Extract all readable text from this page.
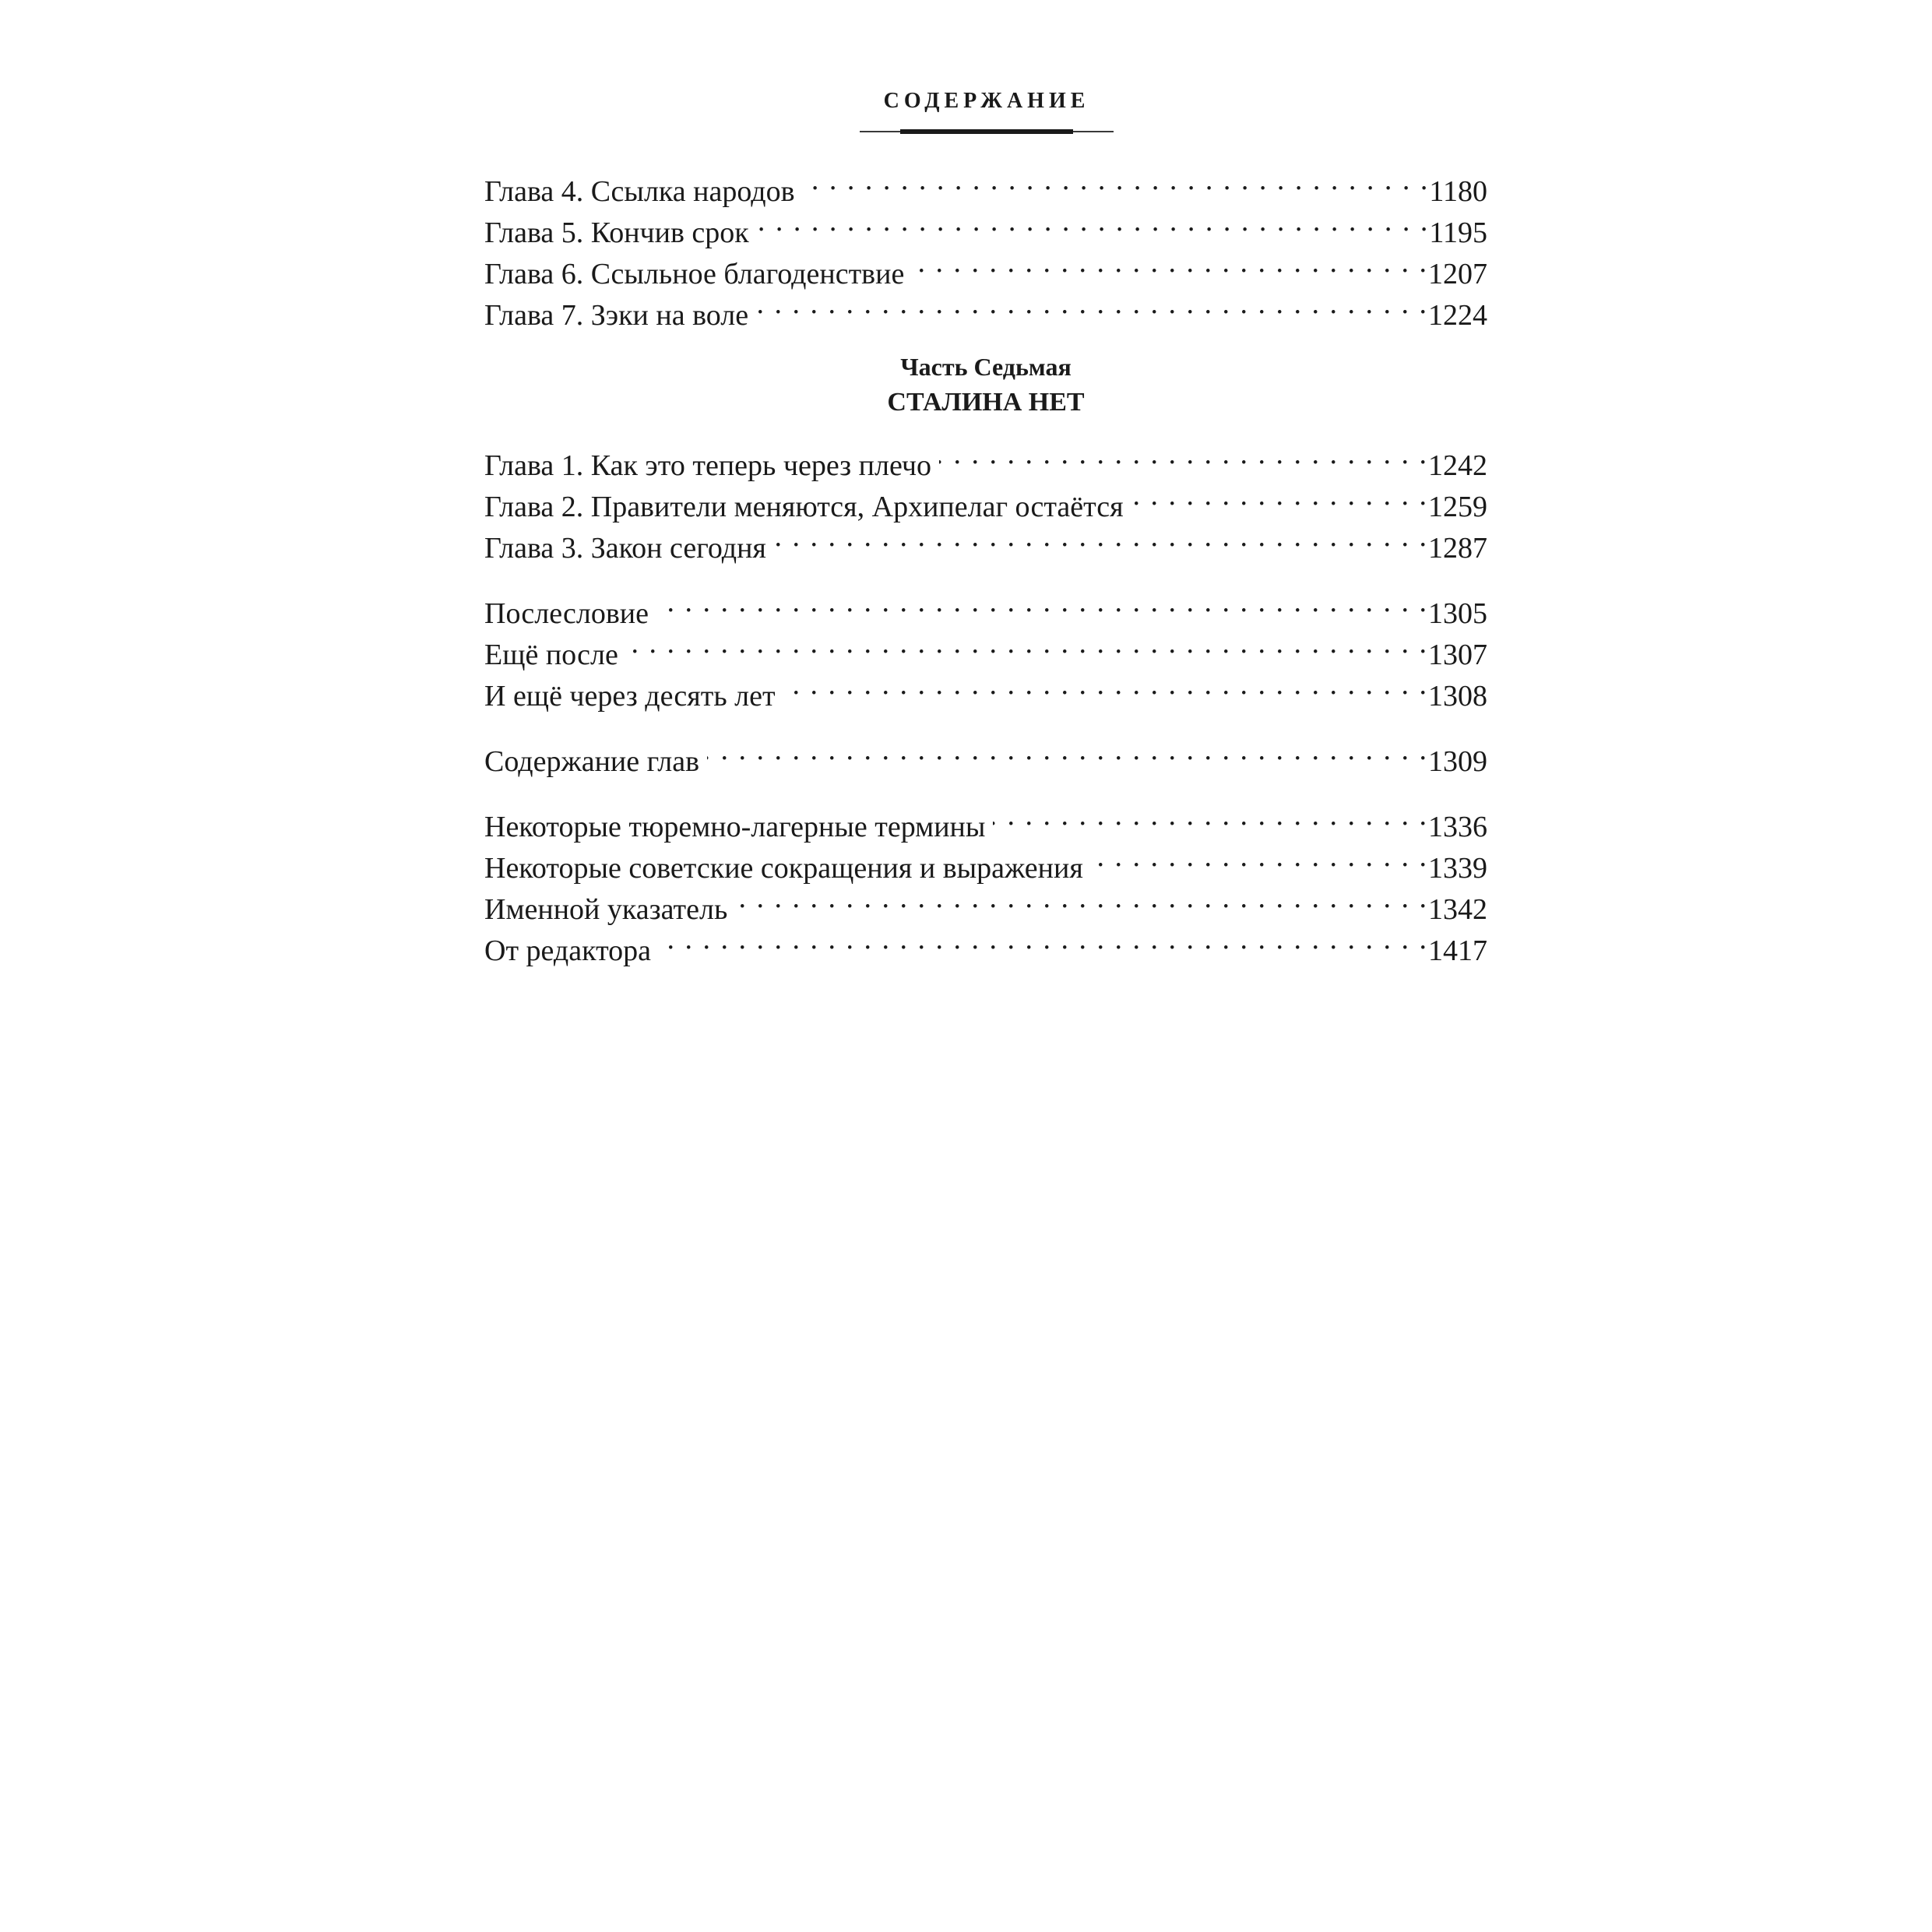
СОДЕРЖАНИЕ
Глава 4. Ссылка народов . . .	1180
Глава 5. Кончив срок . . .	1195
Глава 6. Ссыльное благоденствие . . .	1207
Глава 7. Зэки на воле . . .	1224
Часть Седьмая
СТАЛИНА НЕТ
Глава 1. Как это теперь через плечо . . .	1242
Глава 2. Правители меняются, Архипелаг остаётся . . .	1259
Глава 3. Закон сегодня . . .	1287
Послесловие . . .	1305
Ещё после . . .	1307
И ещё через десять лет . . .	1308
Содержание глав . . .	1309
Некоторые тюремно-лагерные термины . . .	1336
Некоторые советские сокращения и выражения . . .	1339
Именной указатель . . .	1342
От редактора . . .	1417
